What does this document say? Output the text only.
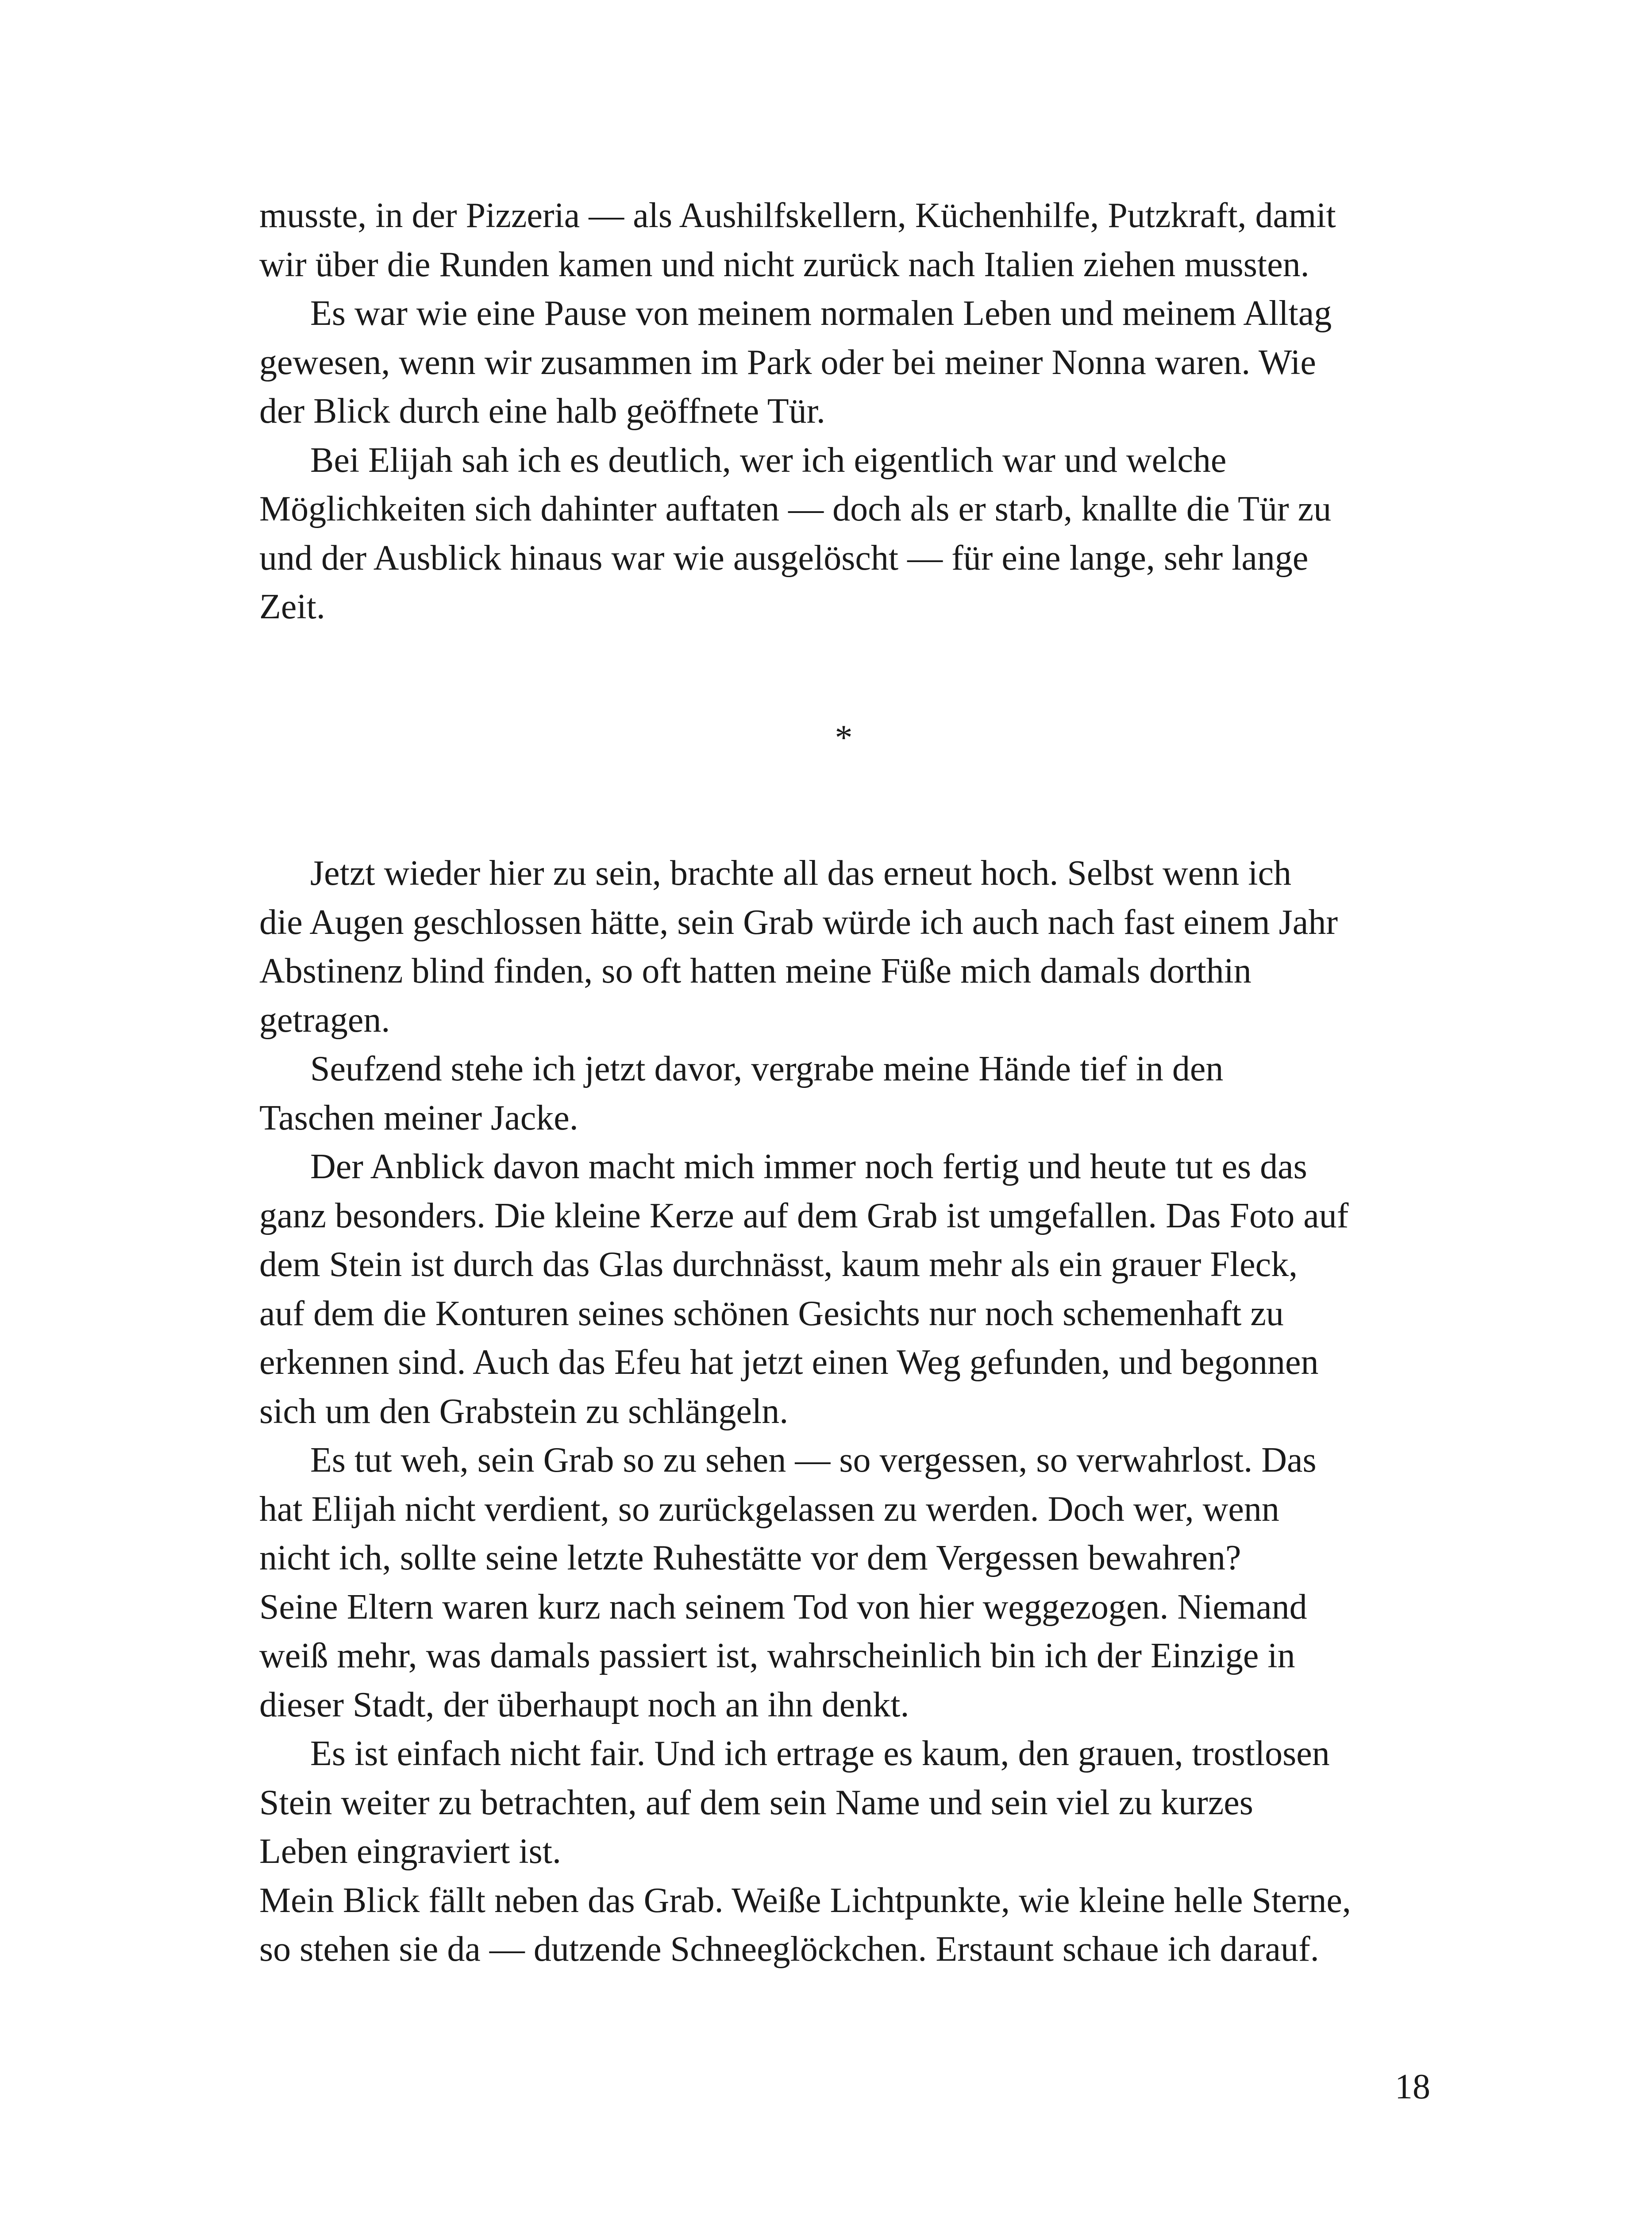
musste, in der Pizzeria — als Aushilfskellern, Küchenhilfe, Putzkraft, damit
wir über die Runden kamen und nicht zurück nach Italien ziehen mussten.

Es war wie eine Pause von meinem normalen Leben und meinem Alltag
gewesen, wenn wir zusammen im Park oder bei meiner Nonna waren. Wie
der Blick durch eine halb geöffnete Tür.

Bei Elijah sah ich es deutlich, wer ich eigentlich war und welche
Möglichkeiten sich dahinter auftaten — doch als er starb, knallte die Tür zu
und der Ausblick hinaus war wie ausgelöscht — für eine lange, sehr lange
Zeit.

*

Jetzt wieder hier zu sein, brachte all das erneut hoch. Selbst wenn ich
die Augen geschlossen hätte, sein Grab würde ich auch nach fast einem Jahr
Abstinenz blind finden, so oft hatten meine Füße mich damals dorthin
getragen.

Seufzend stehe ich jetzt davor, vergrabe meine Hände tief in den
Taschen meiner Jacke.

Der Anblick davon macht mich immer noch fertig und heute tut es das
ganz besonders. Die kleine Kerze auf dem Grab ist umgefallen. Das Foto auf
dem Stein ist durch das Glas durchnässt, kaum mehr als ein grauer Fleck,
auf dem die Konturen seines schönen Gesichts nur noch schemenhaft zu
erkennen sind. Auch das Efeu hat jetzt einen Weg gefunden, und begonnen
sich um den Grabstein zu schlängeln.

Es tut weh, sein Grab so zu sehen — so vergessen, so verwahrlost. Das
hat Elijah nicht verdient, so zurückgelassen zu werden. Doch wer, wenn
nicht ich, sollte seine letzte Ruhestätte vor dem Vergessen bewahren?
Seine Eltern waren kurz nach seinem Tod von hier weggezogen. Niemand
weiß mehr, was damals passiert ist, wahrscheinlich bin ich der Einzige in
dieser Stadt, der überhaupt noch an ihn denkt.

Es ist einfach nicht fair. Und ich ertrage es kaum, den grauen, trostlosen
Stein weiter zu betrachten, auf dem sein Name und sein viel zu kurzes
Leben eingraviert ist.

Mein Blick fällt neben das Grab. Weiße Lichtpunkte, wie kleine helle Sterne,
so stehen sie da — dutzende Schneeglöckchen. Erstaunt schaue ich darauf.

18
